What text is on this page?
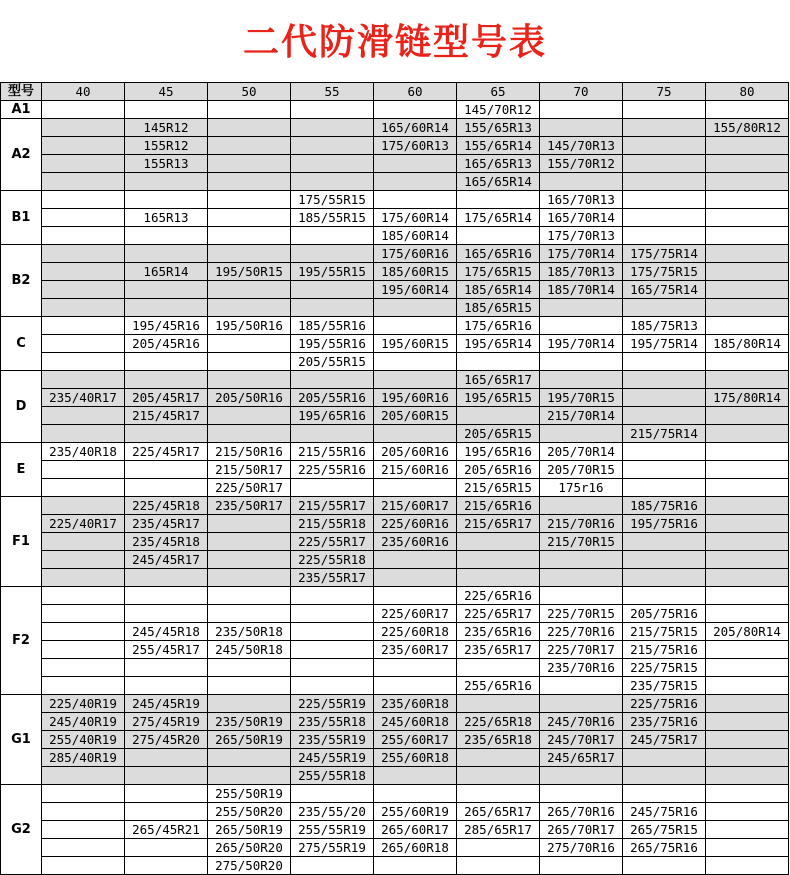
二代防滑链型号表
型号	40	45	50	55	60	65	70	75	80
A1						145/70R12			
A2		145R12			165/60R14	155/65R13			155/80R12
		155R12			175/60R13	155/65R14	145/70R13		
		155R13				165/65R13	155/70R12		
						165/65R14			
B1				175/55R15			165/70R13		
		165R13		185/55R15	175/60R14	175/65R14	165/70R14		
					185/60R14		175/70R13		
B2					175/60R16	165/65R16	175/70R14	175/75R14	
		165R14	195/50R15	195/55R15	185/60R15	175/65R15	185/70R13	175/75R15	
					195/60R14	185/65R14	185/70R14	165/75R14	
						185/65R15			
C		195/45R16	195/50R16	185/55R16		175/65R16		185/75R13	
		205/45R16		195/55R16	195/60R15	195/65R14	195/70R14	195/75R14	185/80R14
				205/55R15					
D						165/65R17			
	235/40R17	205/45R17	205/50R16	205/55R16	195/60R16	195/65R15	195/70R15		175/80R14
		215/45R17		195/65R16	205/60R15		215/70R14		
						205/65R15		215/75R14	
E	235/40R18	225/45R17	215/50R16	215/55R16	205/60R16	195/65R16	205/70R14		
			215/50R17	225/55R16	215/60R16	205/65R16	205/70R15		
			225/50R17			215/65R15	175r16		
F1		225/45R18	235/50R17	215/55R17	215/60R17	215/65R16		185/75R16	
	225/40R17	235/45R17		215/55R18	225/60R16	215/65R17	215/70R16	195/75R16	
		235/45R18		225/55R17	235/60R16		215/70R15		
		245/45R17		225/55R18					
				235/55R17					
F2						225/65R16			
					225/60R17	225/65R17	225/70R15	205/75R16	
		245/45R18	235/50R18		225/60R18	235/65R16	225/70R16	215/75R15	205/80R14
		255/45R17	245/50R18		235/60R17	235/65R17	225/70R17	215/75R16	
							235/70R16	225/75R15	
						255/65R16		235/75R15	
G1	225/40R19	245/45R19		225/55R19	235/60R18			225/75R16	
	245/40R19	275/45R19	235/50R19	235/55R18	245/60R18	225/65R18	245/70R16	235/75R16	
	255/40R19	275/45R20	265/50R19	235/55R19	255/60R17	235/65R18	245/70R17	245/75R17	
	285/40R19			245/55R19	255/60R18		245/65R17		
				255/55R18					
G2			255/50R19						
			255/50R20	235/55/20	255/60R19	265/65R17	265/70R16	245/75R16	
		265/45R21	265/50R19	255/55R19	265/60R17	285/65R17	265/70R17	265/75R15	
			265/50R20	275/55R19	265/60R18		275/70R16	265/75R16	
			275/50R20						
